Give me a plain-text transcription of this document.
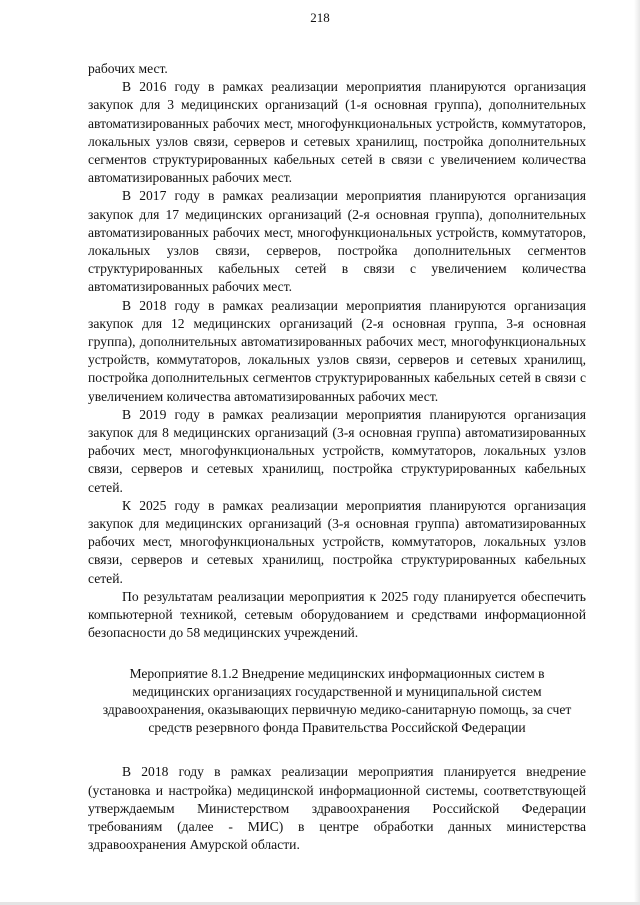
218

рабочих мест.

В 2016 году в рамках реализации мероприятия планируются организация закупок для 3 медицинских организаций (1-я основная группа), дополнительных автоматизированных рабочих мест, многофункциональных устройств, коммутаторов, локальных узлов связи, серверов и сетевых хранилищ, постройка дополнительных сегментов структурированных кабельных сетей в связи с увеличением количества автоматизированных рабочих мест.

В 2017 году в рамках реализации мероприятия планируются организация закупок для 17 медицинских организаций (2-я основная группа), дополнительных автоматизированных рабочих мест, многофункциональных устройств, коммутаторов, локальных узлов связи, серверов, постройка дополнительных сегментов структурированных кабельных сетей в связи с увеличением количества автоматизированных рабочих мест.

В 2018 году в рамках реализации мероприятия планируются организация закупок для 12 медицинских организаций (2-я основная группа, 3-я основная группа), дополнительных автоматизированных рабочих мест, многофункциональных устройств, коммутаторов, локальных узлов связи, серверов и сетевых хранилищ, постройка дополнительных сегментов структурированных кабельных сетей в связи с увеличением количества автоматизированных рабочих мест.

В 2019 году в рамках реализации мероприятия планируются организация закупок для 8 медицинских организаций (3-я основная группа) автоматизированных рабочих мест, многофункциональных устройств, коммутаторов, локальных узлов связи, серверов и сетевых хранилищ, постройка структурированных кабельных сетей.

К 2025 году в рамках реализации мероприятия планируются организация закупок для медицинских организаций (3-я основная группа) автоматизированных рабочих мест, многофункциональных устройств, коммутаторов, локальных узлов связи, серверов и сетевых хранилищ, постройка структурированных кабельных сетей.

По результатам реализации мероприятия к 2025 году планируется обеспечить компьютерной техникой, сетевым оборудованием и средствами информационной безопасности до 58 медицинских учреждений.

Мероприятие 8.1.2 Внедрение медицинских информационных систем в медицинских организациях государственной и муниципальной систем здравоохранения, оказывающих первичную медико-санитарную помощь, за счет средств резервного фонда Правительства Российской Федерации

В 2018 году в рамках реализации мероприятия планируется внедрение (установка и настройка) медицинской информационной системы, соответствующей утверждаемым Министерством здравоохранения Российской Федерации требованиям (далее - МИС) в центре обработки данных министерства здравоохранения Амурской области.
